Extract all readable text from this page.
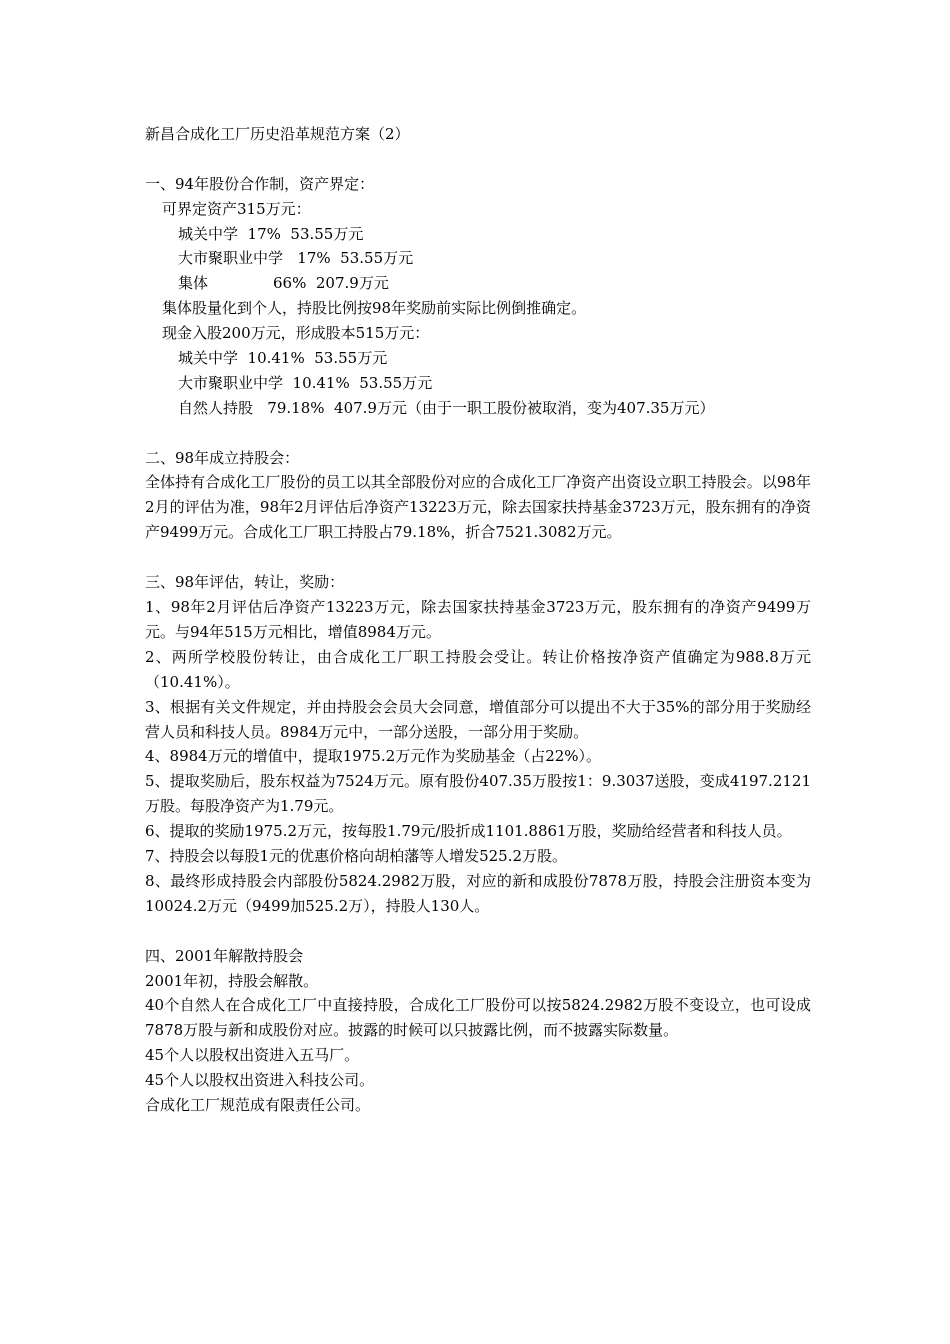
新昌合成化工厂历史沿革规范方案（2）
一、94年股份合作制，资产界定：
可界定资产315万元：
城关中学  17%  53.55万元
大市聚职业中学   17%  53.55万元
集体	66%  207.9万元
集体股量化到个人，持股比例按98年奖励前实际比例倒推确定。
现金入股200万元，形成股本515万元：
城关中学  10.41%  53.55万元
大市聚职业中学  10.41%  53.55万元
自然人持股   79.18%  407.9万元（由于一职工股份被取消，变为407.35万元）
二、98年成立持股会：
全体持有合成化工厂股份的员工以其全部股份对应的合成化工厂净资产出资设立职工持股会。以98年2月的评估为准，98年2月评估后净资产13223万元，除去国家扶持基金3723万元，股东拥有的净资产9499万元。合成化工厂职工持股占79.18%，折合7521.3082万元。
三、98年评估，转让，奖励：
1、98年2月评估后净资产13223万元，除去国家扶持基金3723万元，股东拥有的净资产9499万元。与94年515万元相比，增值8984万元。
2、两所学校股份转让，由合成化工厂职工持股会受让。转让价格按净资产值确定为988.8万元（10.41%）。
3、根据有关文件规定，并由持股会会员大会同意，增值部分可以提出不大于35%的部分用于奖励经营人员和科技人员。8984万元中，一部分送股，一部分用于奖励。
4、8984万元的增值中，提取1975.2万元作为奖励基金（占22%）。
5、提取奖励后，股东权益为7524万元。原有股份407.35万股按1：9.3037送股，变成4197.2121万股。每股净资产为1.79元。
6、提取的奖励1975.2万元，按每股1.79元/股折成1101.8861万股，奖励给经营者和科技人员。
7、持股会以每股1元的优惠价格向胡柏藩等人增发525.2万股。
8、最终形成持股会内部股份5824.2982万股，对应的新和成股份7878万股，持股会注册资本变为10024.2万元（9499加525.2万），持股人130人。
四、2001年解散持股会
2001年初，持股会解散。
40个自然人在合成化工厂中直接持股，合成化工厂股份可以按5824.2982万股不变设立，也可设成7878万股与新和成股份对应。披露的时候可以只披露比例，而不披露实际数量。
45个人以股权出资进入五马厂。
45个人以股权出资进入科技公司。
合成化工厂规范成有限责任公司。
